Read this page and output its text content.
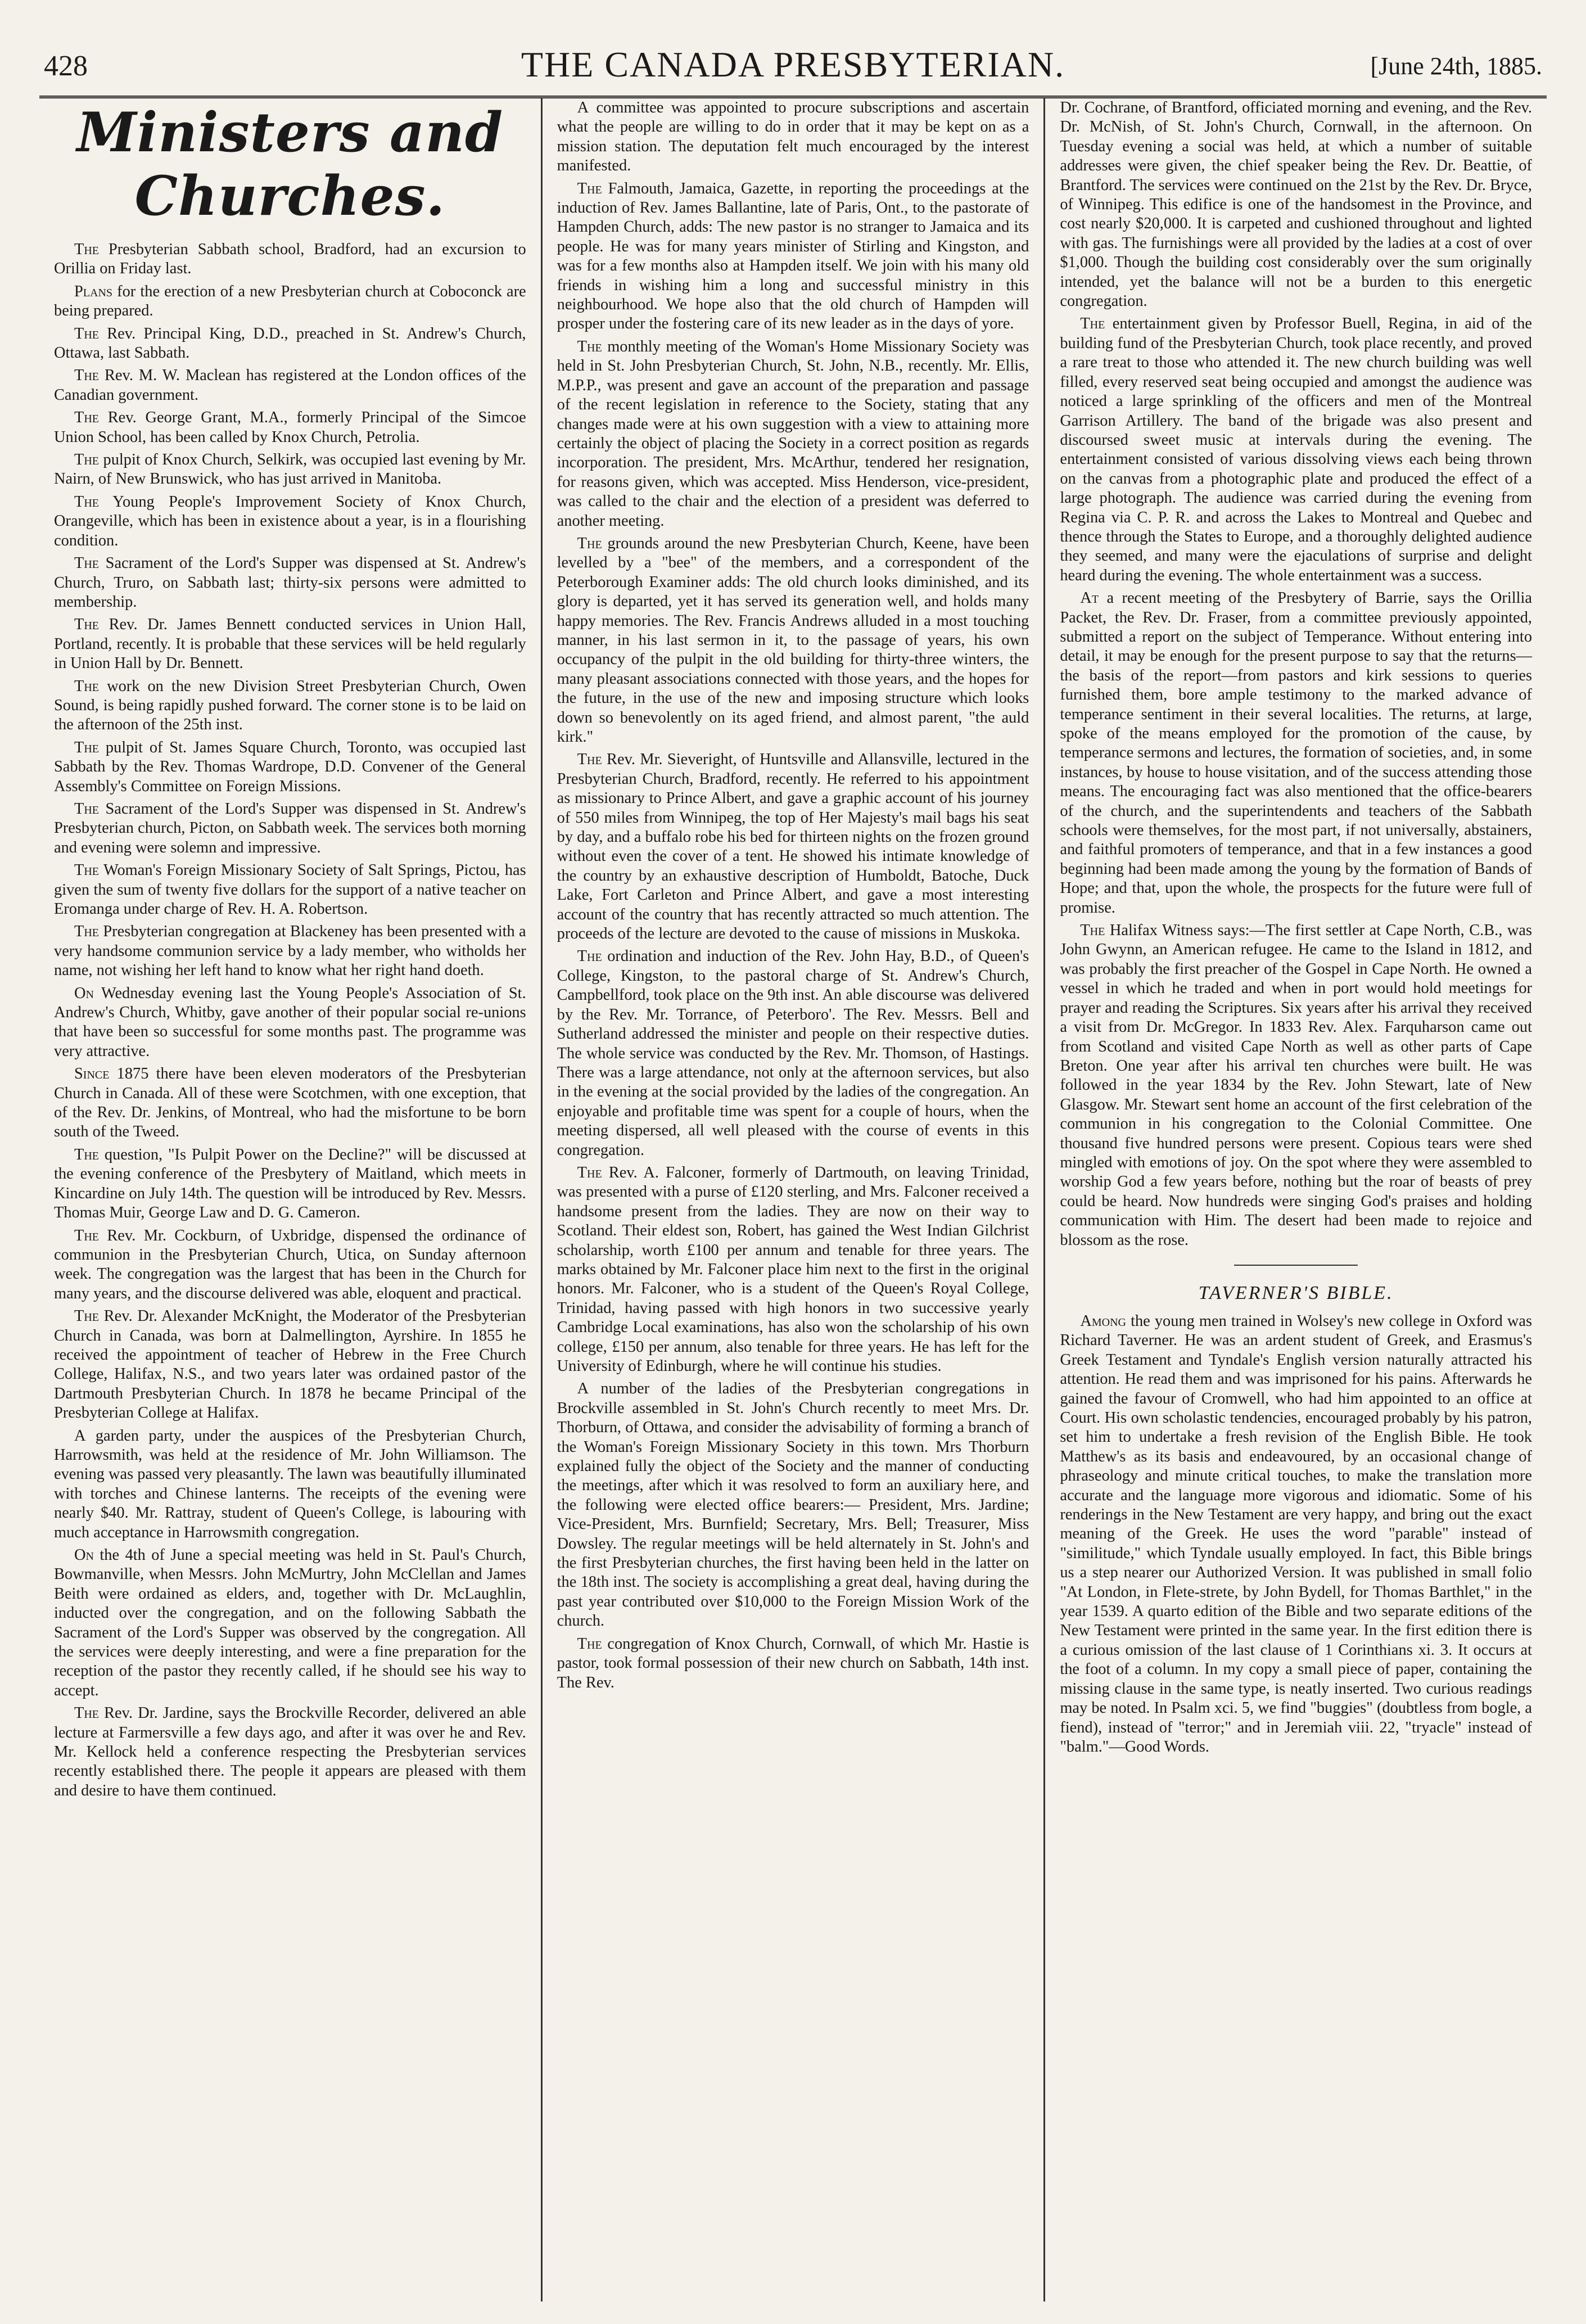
428	THE CANADA PRESBYTERIAN.	[June 24th, 1885.
Ministers and Churches.

The Presbyterian Sabbath school, Bradford, had an excursion to Orillia on Friday last.

Plans for the erection of a new Presbyterian church at Coboconck are being prepared.

The Rev. Principal King, D.D., preached in St. Andrew's Church, Ottawa, last Sabbath.

The Rev. M. W. Maclean has registered at the London offices of the Canadian government.

The Rev. George Grant, M.A., formerly Principal of the Simcoe Union School, has been called by Knox Church, Petrolia.

The pulpit of Knox Church, Selkirk, was occupied last evening by Mr. Nairn, of New Brunswick, who has just arrived in Manitoba.

The Young People's Improvement Society of Knox Church, Orangeville, which has been in existence about a year, is in a flourishing condition.

The Sacrament of the Lord's Supper was dispensed at St. Andrew's Church, Truro, on Sabbath last; thirty-six persons were admitted to membership.

The Rev. Dr. James Bennett conducted services in Union Hall, Portland, recently. It is probable that these services will be held regularly in Union Hall by Dr. Bennett.

The work on the new Division Street Presbyterian Church, Owen Sound, is being rapidly pushed forward. The corner stone is to be laid on the afternoon of the 25th inst.

The pulpit of St. James Square Church, Toronto, was occupied last Sabbath by the Rev. Thomas Wardrope, D.D. Convener of the General Assembly's Committee on Foreign Missions.

The Sacrament of the Lord's Supper was dispensed in St. Andrew's Presbyterian church, Picton, on Sabbath week. The services both morning and evening were solemn and impressive.

The Woman's Foreign Missionary Society of Salt Springs, Pictou, has given the sum of twenty five dollars for the support of a native teacher on Eromanga under charge of Rev. H. A. Robertson.

The Presbyterian congregation at Blackeney has been presented with a very handsome communion service by a lady member, who witholds her name, not wishing her left hand to know what her right hand doeth.

On Wednesday evening last the Young People's Association of St. Andrew's Church, Whitby, gave another of their popular social re-unions that have been so successful for some months past. The programme was very attractive.

Since 1875 there have been eleven moderators of the Presbyterian Church in Canada. All of these were Scotchmen, with one exception, that of the Rev. Dr. Jenkins, of Montreal, who had the misfortune to be born south of the Tweed.

The question, "Is Pulpit Power on the Decline?" will be discussed at the evening conference of the Presbytery of Maitland, which meets in Kincardine on July 14th. The question will be introduced by Rev. Messrs. Thomas Muir, George Law and D. G. Cameron.

The Rev. Mr. Cockburn, of Uxbridge, dispensed the ordinance of communion in the Presbyterian Church, Utica, on Sunday afternoon week. The congregation was the largest that has been in the Church for many years, and the discourse delivered was able, eloquent and practical.

The Rev. Dr. Alexander McKnight, the Moderator of the Presbyterian Church in Canada, was born at Dalmellington, Ayrshire. In 1855 he received the appointment of teacher of Hebrew in the Free Church College, Halifax, N.S., and two years later was ordained pastor of the Dartmouth Presbyterian Church. In 1878 he became Principal of the Presbyterian College at Halifax.

A garden party, under the auspices of the Presbyterian Church, Harrowsmith, was held at the residence of Mr. John Williamson. The evening was passed very pleasantly. The lawn was beautifully illuminated with torches and Chinese lanterns. The receipts of the evening were nearly $40. Mr. Rattray, student of Queen's College, is labouring with much acceptance in Harrowsmith congregation.

On the 4th of June a special meeting was held in St. Paul's Church, Bowmanville, when Messrs. John McMurtry, John McClellan and James Beith were ordained as elders, and, together with Dr. McLaughlin, inducted over the congregation, and on the following Sabbath the Sacrament of the Lord's Supper was observed by the congregation. All the services were deeply interesting, and were a fine preparation for the reception of the pastor they recently called, if he should see his way to accept.

The Rev. Dr. Jardine, says the Brockville Recorder, delivered an able lecture at Farmersville a few days ago, and after it was over he and Rev. Mr. Kellock held a conference respecting the Presbyterian services recently established there. The people it appears are pleased with them and desire to have them continued.

A committee was appointed to procure subscriptions and ascertain what the people are willing to do in order that it may be kept on as a mission station. The deputation felt much encouraged by the interest manifested.

The Falmouth, Jamaica, Gazette, in reporting the proceedings at the induction of Rev. James Ballantine, late of Paris, Ont., to the pastorate of Hampden Church, adds: The new pastor is no stranger to Jamaica and its people. He was for many years minister of Stirling and Kingston, and was for a few months also at Hampden itself. We join with his many old friends in wishing him a long and successful ministry in this neighbourhood. We hope also that the old church of Hampden will prosper under the fostering care of its new leader as in the days of yore.

The monthly meeting of the Woman's Home Missionary Society was held in St. John Presbyterian Church, St. John, N.B., recently. Mr. Ellis, M.P.P., was present and gave an account of the preparation and passage of the recent legislation in reference to the Society, stating that any changes made were at his own suggestion with a view to attaining more certainly the object of placing the Society in a correct position as regards incorporation. The president, Mrs. McArthur, tendered her resignation, for reasons given, which was accepted. Miss Henderson, vice-president, was called to the chair and the election of a president was deferred to another meeting.

The grounds around the new Presbyterian Church, Keene, have been levelled by a "bee" of the members, and a correspondent of the Peterborough Examiner adds: The old church looks diminished, and its glory is departed, yet it has served its generation well, and holds many happy memories. The Rev. Francis Andrews alluded in a most touching manner, in his last sermon in it, to the passage of years, his own occupancy of the pulpit in the old building for thirty-three winters, the many pleasant associations connected with those years, and the hopes for the future, in the use of the new and imposing structure which looks down so benevolently on its aged friend, and almost parent, "the auld kirk."

The Rev. Mr. Sieveright, of Huntsville and Allansville, lectured in the Presbyterian Church, Bradford, recently. He referred to his appointment as missionary to Prince Albert, and gave a graphic account of his journey of 550 miles from Winnipeg, the top of Her Majesty's mail bags his seat by day, and a buffalo robe his bed for thirteen nights on the frozen ground without even the cover of a tent. He showed his intimate knowledge of the country by an exhaustive description of Humboldt, Batoche, Duck Lake, Fort Carleton and Prince Albert, and gave a most interesting account of the country that has recently attracted so much attention. The proceeds of the lecture are devoted to the cause of missions in Muskoka.

The ordination and induction of the Rev. John Hay, B.D., of Queen's College, Kingston, to the pastoral charge of St. Andrew's Church, Campbellford, took place on the 9th inst. An able discourse was delivered by the Rev. Mr. Torrance, of Peterboro'. The Rev. Messrs. Bell and Sutherland addressed the minister and people on their respective duties. The whole service was conducted by the Rev. Mr. Thomson, of Hastings. There was a large attendance, not only at the afternoon services, but also in the evening at the social provided by the ladies of the congregation. An enjoyable and profitable time was spent for a couple of hours, when the meeting dispersed, all well pleased with the course of events in this congregation.

The Rev. A. Falconer, formerly of Dartmouth, on leaving Trinidad, was presented with a purse of £120 sterling, and Mrs. Falconer received a handsome present from the ladies. They are now on their way to Scotland. Their eldest son, Robert, has gained the West Indian Gilchrist scholarship, worth £100 per annum and tenable for three years. The marks obtained by Mr. Falconer place him next to the first in the original honors. Mr. Falconer, who is a student of the Queen's Royal College, Trinidad, having passed with high honors in two successive yearly Cambridge Local examinations, has also won the scholarship of his own college, £150 per annum, also tenable for three years. He has left for the University of Edinburgh, where he will continue his studies.

A number of the ladies of the Presbyterian congregations in Brockville assembled in St. John's Church recently to meet Mrs. Dr. Thorburn, of Ottawa, and consider the advisability of forming a branch of the Woman's Foreign Missionary Society in this town. Mrs Thorburn explained fully the object of the Society and the manner of conducting the meetings, after which it was resolved to form an auxiliary here, and the following were elected office bearers:— President, Mrs. Jardine; Vice-President, Mrs. Burnfield; Secretary, Mrs. Bell; Treasurer, Miss Dowsley. The regular meetings will be held alternately in St. John's and the first Presbyterian churches, the first having been held in the latter on the 18th inst. The society is accomplishing a great deal, having during the past year contributed over $10,000 to the Foreign Mission Work of the church.

The congregation of Knox Church, Cornwall, of which Mr. Hastie is pastor, took formal possession of their new church on Sabbath, 14th inst. The Rev.

Dr. Cochrane, of Brantford, officiated morning and evening, and the Rev. Dr. McNish, of St. John's Church, Cornwall, in the afternoon. On Tuesday evening a social was held, at which a number of suitable addresses were given, the chief speaker being the Rev. Dr. Beattie, of Brantford. The services were continued on the 21st by the Rev. Dr. Bryce, of Winnipeg. This edifice is one of the handsomest in the Province, and cost nearly $20,000. It is carpeted and cushioned throughout and lighted with gas. The furnishings were all provided by the ladies at a cost of over $1,000. Though the building cost considerably over the sum originally intended, yet the balance will not be a burden to this energetic congregation.

The entertainment given by Professor Buell, Regina, in aid of the building fund of the Presbyterian Church, took place recently, and proved a rare treat to those who attended it. The new church building was well filled, every reserved seat being occupied and amongst the audience was noticed a large sprinkling of the officers and men of the Montreal Garrison Artillery. The band of the brigade was also present and discoursed sweet music at intervals during the evening. The entertainment consisted of various dissolving views each being thrown on the canvas from a photographic plate and produced the effect of a large photograph. The audience was carried during the evening from Regina via C. P. R. and across the Lakes to Montreal and Quebec and thence through the States to Europe, and a thoroughly delighted audience they seemed, and many were the ejaculations of surprise and delight heard during the evening. The whole entertainment was a success.

At a recent meeting of the Presbytery of Barrie, says the Orillia Packet, the Rev. Dr. Fraser, from a committee previously appointed, submitted a report on the subject of Temperance. Without entering into detail, it may be enough for the present purpose to say that the returns—the basis of the report—from pastors and kirk sessions to queries furnished them, bore ample testimony to the marked advance of temperance sentiment in their several localities. The returns, at large, spoke of the means employed for the promotion of the cause, by temperance sermons and lectures, the formation of societies, and, in some instances, by house to house visitation, and of the success attending those means. The encouraging fact was also mentioned that the office-bearers of the church, and the superintendents and teachers of the Sabbath schools were themselves, for the most part, if not universally, abstainers, and faithful promoters of temperance, and that in a few instances a good beginning had been made among the young by the formation of Bands of Hope; and that, upon the whole, the prospects for the future were full of promise.

The Halifax Witness says:—The first settler at Cape North, C.B., was John Gwynn, an American refugee. He came to the Island in 1812, and was probably the first preacher of the Gospel in Cape North. He owned a vessel in which he traded and when in port would hold meetings for prayer and reading the Scriptures. Six years after his arrival they received a visit from Dr. McGregor. In 1833 Rev. Alex. Farquharson came out from Scotland and visited Cape North as well as other parts of Cape Breton. One year after his arrival ten churches were built. He was followed in the year 1834 by the Rev. John Stewart, late of New Glasgow. Mr. Stewart sent home an account of the first celebration of the communion in his congregation to the Colonial Committee. One thousand five hundred persons were present. Copious tears were shed mingled with emotions of joy. On the spot where they were assembled to worship God a few years before, nothing but the roar of beasts of prey could be heard. Now hundreds were singing God's praises and holding communication with Him. The desert had been made to rejoice and blossom as the rose.

TAVERNER'S BIBLE.

Among the young men trained in Wolsey's new college in Oxford was Richard Taverner. He was an ardent student of Greek, and Erasmus's Greek Testament and Tyndale's English version naturally attracted his attention. He read them and was imprisoned for his pains. Afterwards he gained the favour of Cromwell, who had him appointed to an office at Court. His own scholastic tendencies, encouraged probably by his patron, set him to undertake a fresh revision of the English Bible. He took Matthew's as its basis and endeavoured, by an occasional change of phraseology and minute critical touches, to make the translation more accurate and the language more vigorous and idiomatic. Some of his renderings in the New Testament are very happy, and bring out the exact meaning of the Greek. He uses the word "parable" instead of "similitude," which Tyndale usually employed. In fact, this Bible brings us a step nearer our Authorized Version. It was published in small folio "At London, in Flete-strete, by John Bydell, for Thomas Barthlet," in the year 1539. A quarto edition of the Bible and two separate editions of the New Testament were printed in the same year. In the first edition there is a curious omission of the last clause of 1 Corinthians xi. 3. It occurs at the foot of a column. In my copy a small piece of paper, containing the missing clause in the same type, is neatly inserted. Two curious readings may be noted. In Psalm xci. 5, we find "buggies" (doubtless from bogle, a fiend), instead of "terror;" and in Jeremiah viii. 22, "tryacle" instead of "balm."—Good Words.
